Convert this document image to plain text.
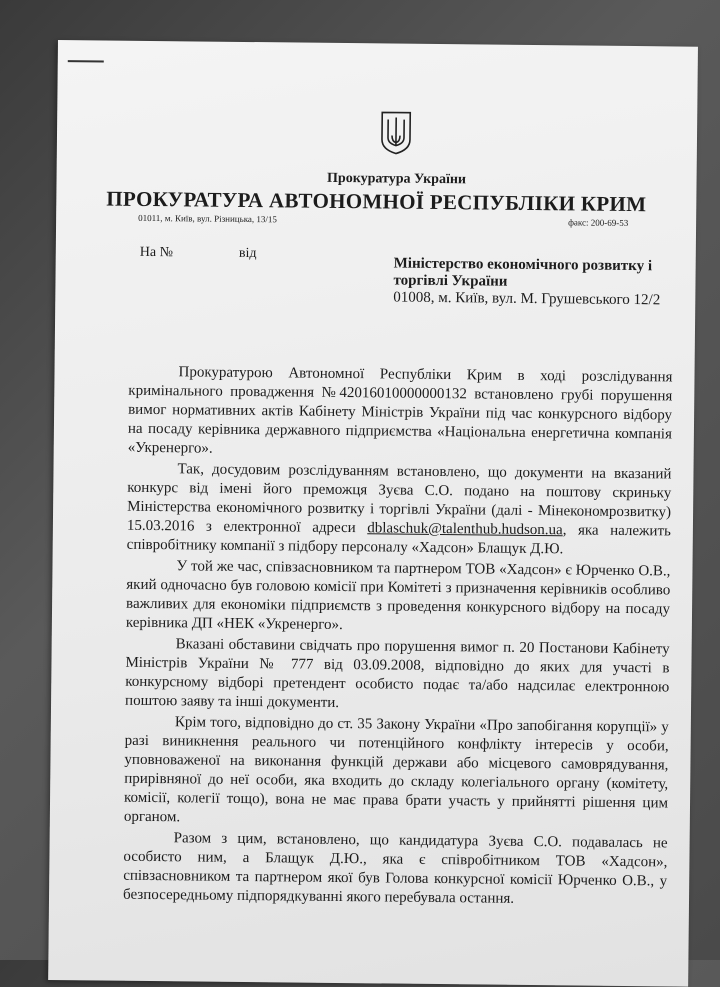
Прокуратура України
ПРОКУРАТУРА АВТОНОМНОЇ РЕСПУБЛІКИ КРИМ
01011, м. Київ, вул. Різницька, 13/15	факс: 200-69-53
На №	від
Міністерство економічного розвитку і торгівлі України
01008, м. Київ, вул. М. Грушевського 12/2

Прокуратурою Автономної Республіки Крим в ході розслідування кримінального провадження №42016010000000132 встановлено грубі порушення вимог нормативних актів Кабінету Міністрів України під час конкурсного відбору на посаду керівника державного підприємства «Національна енергетична компанія «Укренерго».

Так, досудовим розслідуванням встановлено, що документи на вказаний конкурс від імені його преможця Зуєва С.О. подано на поштову скриньку Міністерства економічного розвитку і торгівлі України (далі - Мінекономрозвитку) 15.03.2016 з електронної адреси dblaschuk@talenthub.hudson.ua, яка належить співробітнику компанії з підбору персоналу «Хадсон» Блащук Д.Ю.

У той же час, співзасновником та партнером ТОВ «Хадсон» є Юрченко О.В., який одночасно був головою комісії при Комітеті з призначення керівників особливо важливих для економіки підприємств з проведення конкурсного відбору на посаду керівника ДП «НЕК «Укренерго».

Вказані обставини свідчать про порушення вимог п. 20 Постанови Кабінету Міністрів України № 777 від 03.09.2008, відповідно до яких для участі в конкурсному відборі претендент особисто подає та/або надсилає електронною поштою заяву та інші документи.

Крім того, відповідно до ст. 35 Закону України «Про запобігання корупції» у разі виникнення реального чи потенційного конфлікту інтересів у особи, уповноваженої на виконання функцій держави або місцевого самоврядування, прирівняної до неї особи, яка входить до складу колегіального органу (комітету, комісії, колегії тощо), вона не має права брати участь у прийнятті рішення цим органом.

Разом з цим, встановлено, що кандидатура Зуєва С.О. подавалась не особисто ним, а Блащук Д.Ю., яка є співробітником ТОВ «Хадсон», співзасновником та партнером якої був Голова конкурсної комісії Юрченко О.В., у безпосередньому підпорядкуванні якого перебувала остання.
